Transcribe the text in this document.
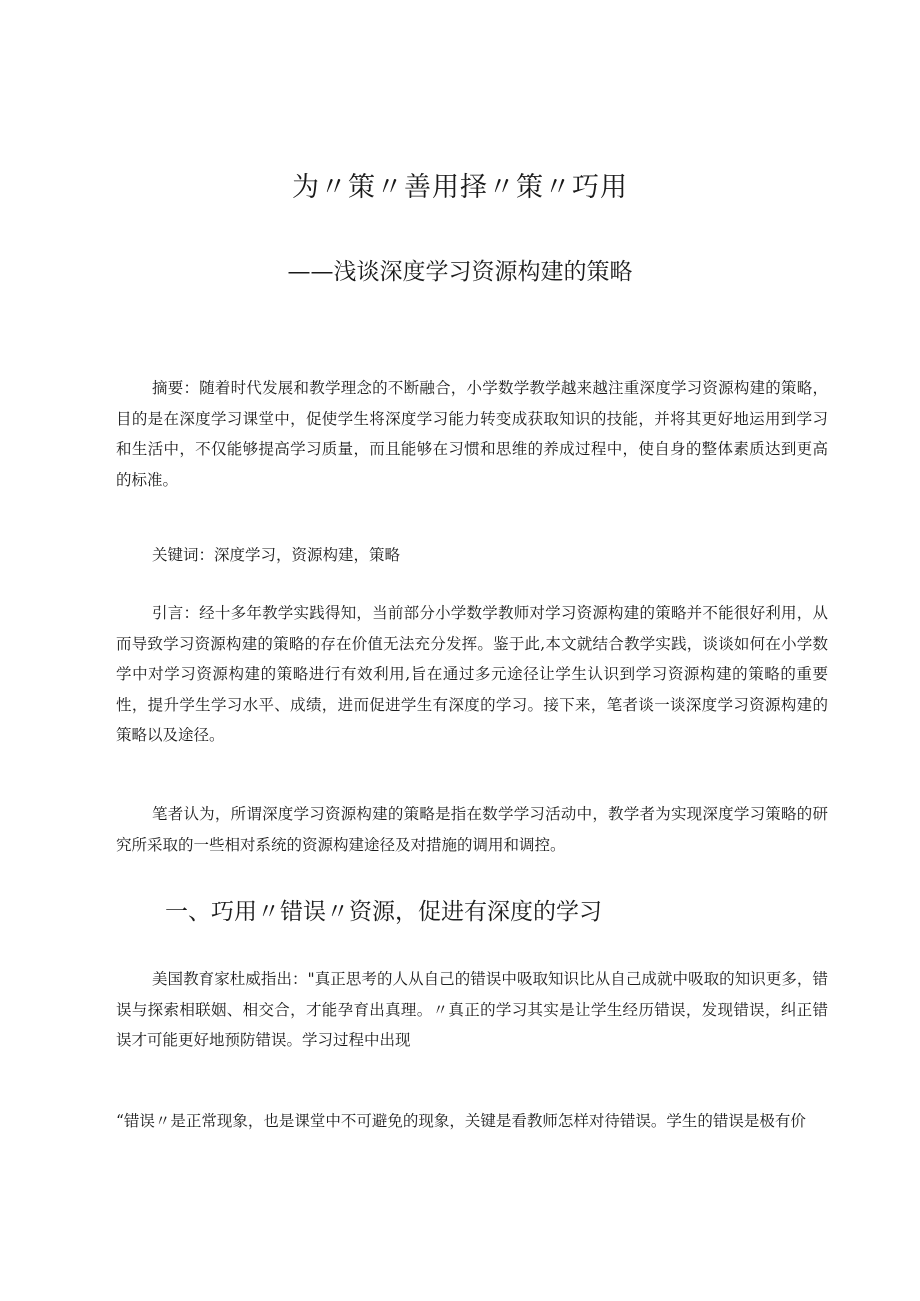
为〃策〃善用择〃策〃巧用
——浅谈深度学习资源构建的策略

摘要：随着时代发展和教学理念的不断融合，小学数学教学越来越注重深度学习资源构建的策略，目的是在深度学习课堂中，促使学生将深度学习能力转变成获取知识的技能，并将其更好地运用到学习和生活中，不仅能够提高学习质量，而且能够在习惯和思维的养成过程中，使自身的整体素质达到更高的标准。

关键词：深度学习，资源构建，策略

引言：经十多年教学实践得知，当前部分小学数学教师对学习资源构建的策略并不能很好利用，从而导致学习资源构建的策略的存在价值无法充分发挥。鉴于此,本文就结合教学实践，谈谈如何在小学数学中对学习资源构建的策略进行有效利用,旨在通过多元途径让学生认识到学习资源构建的策略的重要性，提升学生学习水平、成绩，进而促进学生有深度的学习。接下来，笔者谈一谈深度学习资源构建的策略以及途径。

笔者认为，所谓深度学习资源构建的策略是指在数学学习活动中，教学者为实现深度学习策略的研究所采取的一些相对系统的资源构建途径及对措施的调用和调控。

一、巧用〃错误〃资源，促进有深度的学习

美国教育家杜威指出："真正思考的人从自己的错误中吸取知识比从自己成就中吸取的知识更多，错误与探索相联姻、相交合，才能孕育出真理。〃真正的学习其实是让学生经历错误，发现错误，纠正错误才可能更好地预防错误。学习过程中出现

“错误〃是正常现象，也是课堂中不可避免的现象，关键是看教师怎样对待错误。学生的错误是极有价
